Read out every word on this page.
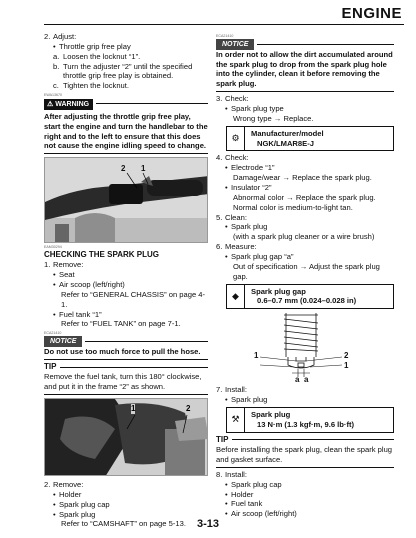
ENGINE
2. Adjust:
• Throttle grip free play
a. Loosen the locknut “1”.
b. Turn the adjuster “2” until the specified throttle grip free play is obtained.
c. Tighten the locknut.
EWA13670
⚠ WARNING
After adjusting the throttle grip free play, start the engine and turn the handlebar to the right and to the left to ensure that this does not cause the engine idling speed to change.
2 1
EAM30294
CHECKING THE SPARK PLUG
1. Remove:
• Seat
• Air scoop (left/right)
Refer to “GENERAL CHASSIS” on page 4-1.
• Fuel tank “1”
Refer to “FUEL TANK” on page 7-1.
ECA21410
NOTICE
Do not use too much force to pull the hose.
TIP
Remove the fuel tank, turn this 180° clockwise, and put it in the frame “2” as shown.
1	2
2. Remove:
• Holder
• Spark plug cap
• Spark plug
Refer to “CAMSHAFT” on page 5-13.
ECA21410
NOTICE
In order not to allow the dirt accumulated around the spark plug to drop from the spark plug hole into the cylinder, clean it before removing the spark plug.
3. Check:
• Spark plug type
Wrong type → Replace.
⚙	Manufacturer/model
NGK/LMAR8E-J
4. Check:
• Electrode “1”
Damage/wear → Replace the spark plug.
• Insulator “2”
Abnormal color → Replace the spark plug.
Normal color is medium-to-light tan.
5. Clean:
• Spark plug
(with a spark plug cleaner or a wire brush)
6. Measure:
• Spark plug gap “a”
Out of specification → Adjust the spark plug gap.
◆	Spark plug gap
0.6–0.7 mm (0.024–0.028 in)
1	2
1
a a
7. Install:
• Spark plug
⚒	Spark plug
13 N·m (1.3 kgf·m, 9.6 lb·ft)
TIP
Before installing the spark plug, clean the spark plug and gasket surface.
8. Install:
• Spark plug cap
• Holder
• Fuel tank
• Air scoop (left/right)
3-13
